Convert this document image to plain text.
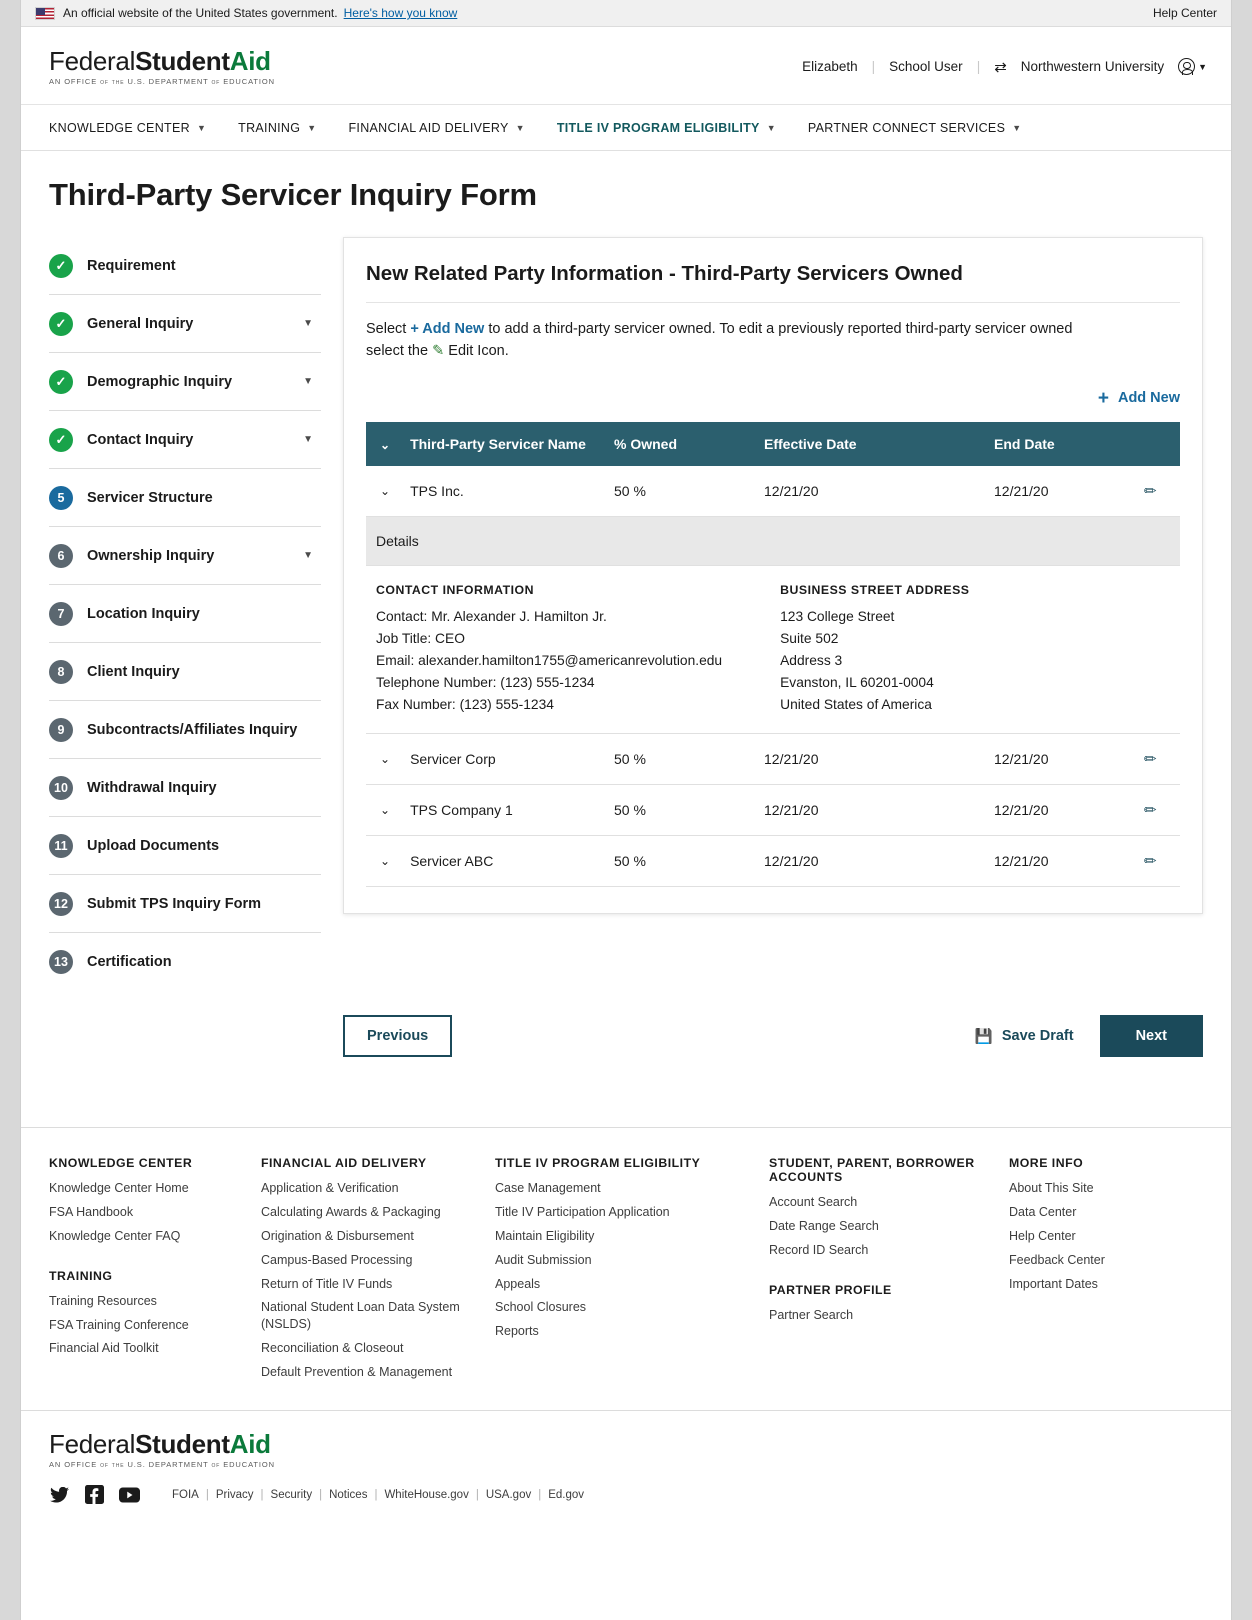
An official website of the United States government. Here's how you know	Help Center
FederalStudentAid
AN OFFICE of the U.S. DEPARTMENT of EDUCATION
Elizabeth | School User | ⇄ Northwestern University	▼
KNOWLEDGE CENTER ▼	TRAINING ▼	FINANCIAL AID DELIVERY ▼	TITLE IV PROGRAM ELIGIBILITY ▼	PARTNER CONNECT SERVICES ▼
Third-Party Servicer Inquiry Form
✓
Requirement
✓
General Inquiry	▼
✓
Demographic Inquiry	▼
✓
Contact Inquiry	▼
5	Servicer Structure
6	Ownership Inquiry	▼
7	Location Inquiry
8	Client Inquiry
9	Subcontracts/Affiliates Inquiry
10	Withdrawal Inquiry
11	Upload Documents
12	Submit TPS Inquiry Form
13	Certification
New Related Party Information - Third-Party Servicers Owned
Select + Add New to add a third-party servicer owned. To edit a previously reported third-party servicer owned select the ✎ Edit Icon.
+ Add New
⌄	Third-Party Servicer Name	% Owned	Effective Date	End Date	
⌄	TPS Inc.	50 %	12/21/20	12/21/20	✏
Details					

CONTACT INFORMATION
Contact: Mr. Alexander J. Hamilton Jr.
Job Title: CEO
Email: alexander.hamilton1755@americanrevolution.edu
Telephone Number: (123) 555-1234
Fax Number: (123) 555-1234
BUSINESS STREET ADDRESS
123 College Street
Suite 502
Address 3
Evanston, IL 60201-0004
United States of America

⌄	Servicer Corp	50 %	12/21/20	12/21/20	✏
⌄	TPS Company 1	50 %	12/21/20	12/21/20	✏
⌄	Servicer ABC	50 %	12/21/20	12/21/20	✏
Previous	💾 Save Draft	Next
KNOWLEDGE CENTER
Knowledge Center Home
FSA Handbook
Knowledge Center FAQ
TRAINING
Training Resources
FSA Training Conference
Financial Aid Toolkit
FINANCIAL AID DELIVERY
Application & Verification
Calculating Awards & Packaging
Origination & Disbursement
Campus-Based Processing
Return of Title IV Funds
National Student Loan Data System (NSLDS)
Reconciliation & Closeout
Default Prevention & Management
TITLE IV PROGRAM ELIGIBILITY
Case Management
Title IV Participation Application
Maintain Eligibility
Audit Submission
Appeals
School Closures
Reports
STUDENT, PARENT, BORROWER ACCOUNTS
Account Search
Date Range Search
Record ID Search
PARTNER PROFILE
Partner Search
MORE INFO
About This Site
Data Center
Help Center
Feedback Center
Important Dates
FederalStudentAid
AN OFFICE of the U.S. DEPARTMENT of EDUCATION
FOIA | Privacy | Security | Notices | WhiteHouse.gov | USA.gov | Ed.gov
